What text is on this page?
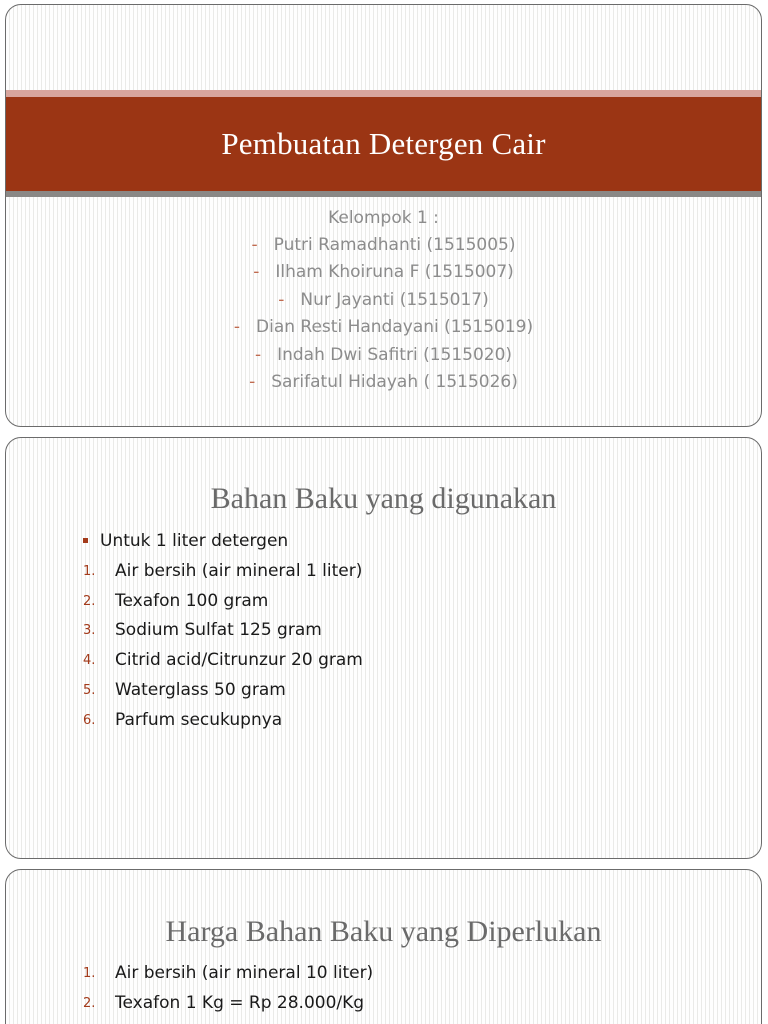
Pembuatan Detergen Cair
Kelompok 1 :
- Putri Ramadhanti (1515005)
- Ilham Khoiruna F (1515007)
- Nur Jayanti (1515017)
- Dian Resti Handayani (1515019)
- Indah Dwi Safitri (1515020)
- Sarifatul Hidayah ( 1515026)
Bahan Baku yang digunakan
Untuk 1 liter detergen
1. Air bersih (air mineral 1 liter)
2. Texafon 100 gram
3. Sodium Sulfat 125 gram
4. Citrid acid/Citrunzur 20 gram
5. Waterglass 50 gram
6. Parfum secukupnya
Harga Bahan Baku yang Diperlukan
1. Air bersih (air mineral 10 liter)
2. Texafon 1 Kg = Rp 28.000/Kg
